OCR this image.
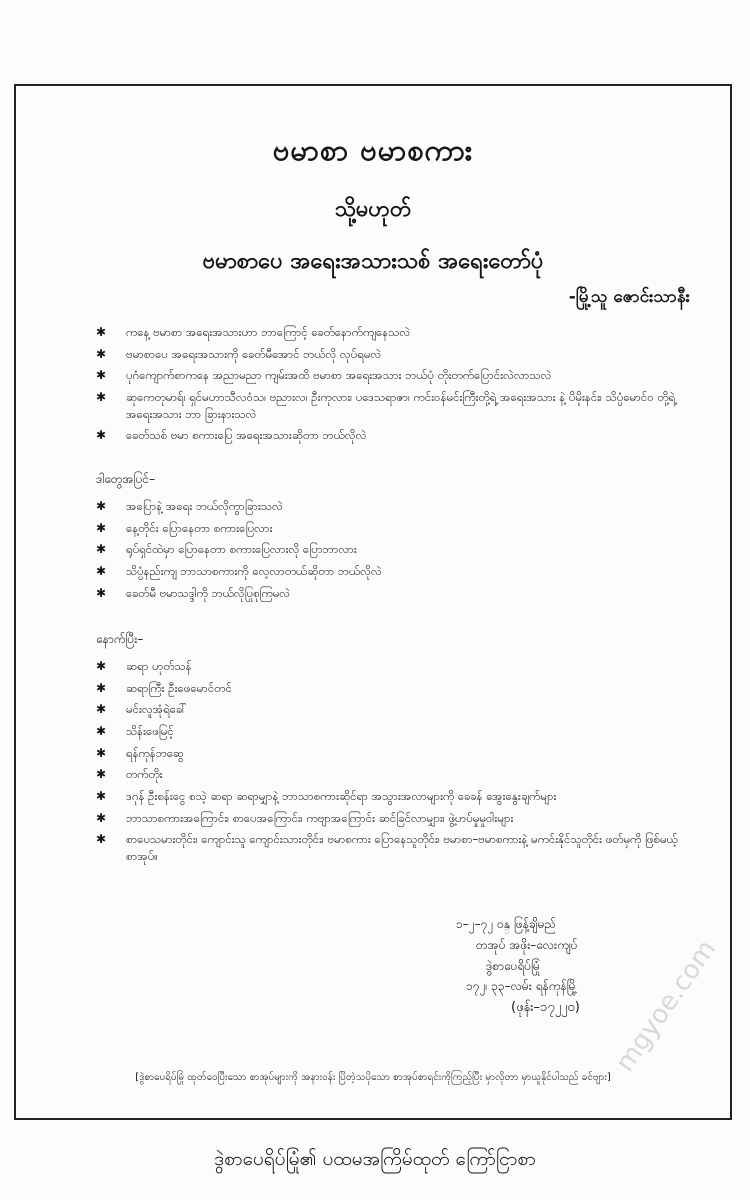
ဗမာစာ ဗမာစကား
သို့မဟုတ်
ဗမာစာပေ အရေးအသားသစ် အရေးတော်ပုံ
-မြို့သူ ဇောင်းသာနီး
✱ ကနေ့ ဗမာစာ အရေးအသားဟာ ဘာကြောင့် ခေတ်နောက်ကျနေသလဲ
✱ ဗမာစာပေ အရေးအသားကို ခေတ်မီအောင် ဘယ်လို လုပ်ရမလဲ
✱ ပုဂံကျောက်စာကနေ အညာမညာ ကျမ်းအထိ ဗမာစာ အရေးအသား ဘယ်ပုံ တိုးတက်ပြောင်းလဲလာသလဲ
✱ ဆုကေတုမာရ်၊ ရှင်မဟာသီလဝံသ၊ ဗညားလ၊ ဦးကုလား၊ ပဒေသရာဇာ၊ ကင်းဝန်မင်းကြီးတို့ရဲ့ အရေးအသား နဲ့ ပိမိုးနင်း၊ သိပ္ပံမောင်ဝ တို့ရဲ့ အရေးအသား ဘာ ခြားနားသလဲ
✱ ခေတ်သစ် ဗမာ စကားပြေ အရေးအသားဆိုတာ ဘယ်လိုလဲ
ဒါတွေအပြင်–
✱ အပြောနဲ့ အရေး ဘယ်လိုကွာခြားသလဲ
✱ နေ့တိုင်း ပြောနေတာ စကားပြေလား
✱ ရုပ်ရှင်ထဲမှာ ပြောနေတာ စကားပြေလားလို ပြောဘာလား
✱ သိပ္ပံနည်းကျ ဘာသာစကားကို လေ့လာတယ်ဆိုတာ ဘယ်လိုလဲ
✱ ခေတ်မီ ဗမာသဒ္ဒါကို ဘယ်လိုပြုစုကြမလဲ
နောက်ပြီး–
✱ ဆရာ ဟုတ်သန်
✱ ဆရာကြီး ဦးဖေမောင်တင်
✱ မင်းလူအုံရဲခေါ်
✱ သိန်းဖေမြင့်
✱ ရန်ကုန်ဘဆွေ
✱ တက်တိုး
✱ ဒဂုန် ဦးစန်းငွေ စသဲ့ ဆရာ ဆရာမျှာနဲ့ ဘာသာစကားဆိုင်ရာ အသွားအလာများကို ခေခန် အွေးနွေးချက်များ
✱ ဘာသာစကားအကြောင်း၊ စာပေအကြောင်း၊ ကဗျာအကြောင်း ဆင်ခြင်လာမျှား၊ ဖွဲ့ဟပ်မှုမှုဝါးများ
✱ စာပေသမားတိုင်း၊ ကျောင်းသူ ကျောင်းသားတိုင်း၊ ဗမာစကား ပြောနေသူတိုင်း၊ ဗမာစာ–ဗမာစကားနဲ့ မကင်းနိုင်သူတိုင်း ဖတ်မှကို ဖြစ်မယ့်စာအုပ်။
၁–၂–၇၂ ဝန္ ဖြန့်ချိမည်
တအုပ် အဖိုး–လေးကျပ်
ဒွဲစာပေရိပ်မြုံ
၁၇၂၊ ၃၃–လမ်း ရန်ကုန်မြို့
(ဖုန်း–၁၇၂၂၀)
[ဒွဲစာပေရိပ်မြုံ ထုတ်ဝေပြီးသော စာအုပ်များကို အနားဝန်း ပြိတဲ့သပိုသော စာအုပ်စာရင်းကိုကြည့်ပြီး မှာလိုတာ မှာယူနိုင်ပါသည် ခင်ဗျား]
ဒွဲစာပေရိပ်မြုံ၏ ပထမအကြိမ်ထုတ် ကြော်ငြာစာ
mgyoe.com
